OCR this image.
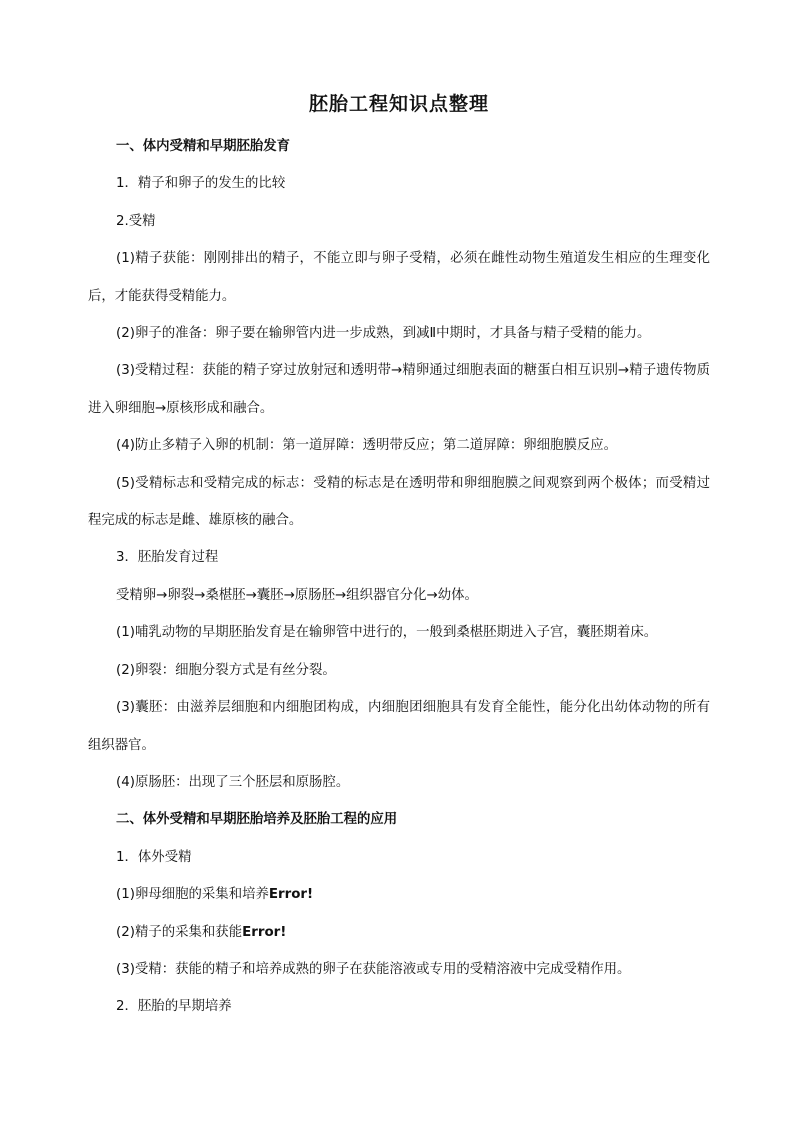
胚胎工程知识点整理

一、体内受精和早期胚胎发育

1．精子和卵子的发生的比较

2.受精

(1)精子获能：刚刚排出的精子，不能立即与卵子受精，必须在雌性动物生殖道发生相应的生理变化后，才能获得受精能力。

(2)卵子的准备：卵子要在输卵管内进一步成熟，到减Ⅱ中期时，才具备与精子受精的能力。

(3)受精过程：获能的精子穿过放射冠和透明带→精卵通过细胞表面的糖蛋白相互识别→精子遗传物质进入卵细胞→原核形成和融合。

(4)防止多精子入卵的机制：第一道屏障：透明带反应；第二道屏障：卵细胞膜反应。

(5)受精标志和受精完成的标志：受精的标志是在透明带和卵细胞膜之间观察到两个极体；而受精过程完成的标志是雌、雄原核的融合。

3．胚胎发育过程

受精卵→卵裂→桑椹胚→囊胚→原肠胚→组织器官分化→幼体。

(1)哺乳动物的早期胚胎发育是在输卵管中进行的，一般到桑椹胚期进入子宫，囊胚期着床。

(2)卵裂：细胞分裂方式是有丝分裂。

(3)囊胚：由滋养层细胞和内细胞团构成，内细胞团细胞具有发育全能性，能分化出幼体动物的所有组织器官。

(4)原肠胚：出现了三个胚层和原肠腔。

二、体外受精和早期胚胎培养及胚胎工程的应用

1．体外受精

(1)卵母细胞的采集和培养Error!

(2)精子的采集和获能Error!

(3)受精：获能的精子和培养成熟的卵子在获能溶液或专用的受精溶液中完成受精作用。

2．胚胎的早期培养
